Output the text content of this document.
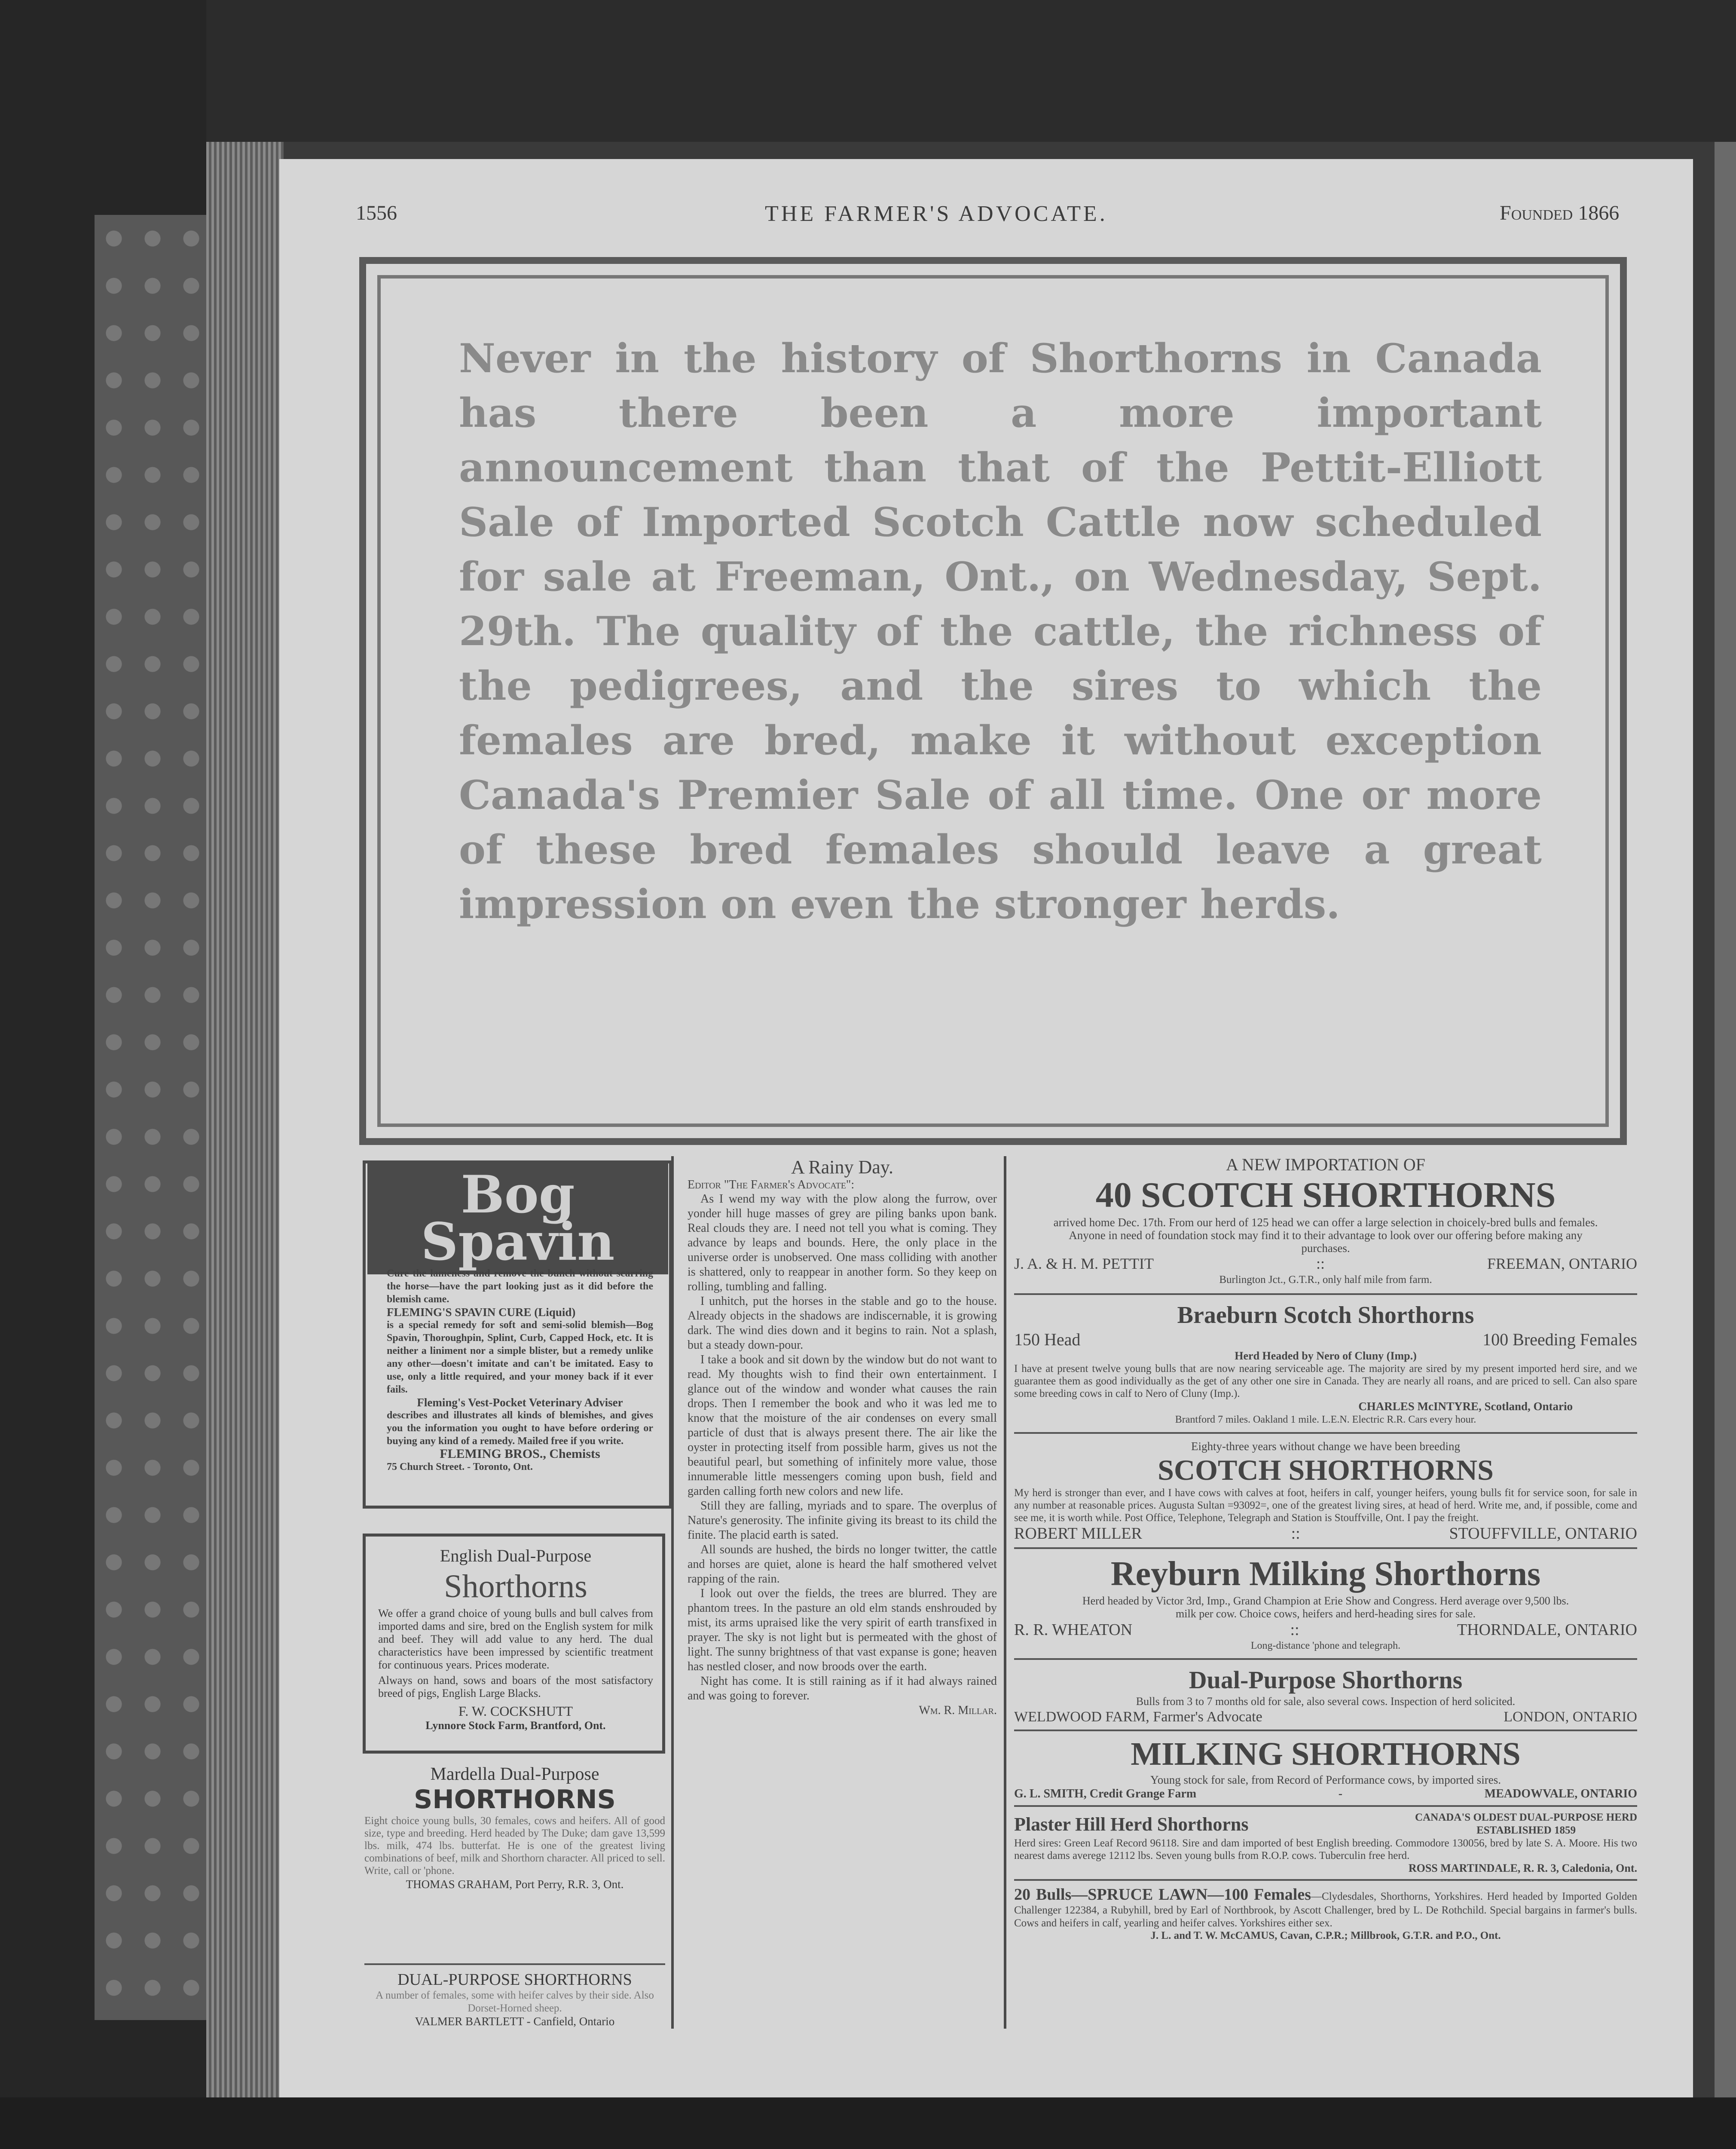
1556	THE FARMER'S ADVOCATE.	Founded 1866
Never in the history of Shorthorns in Canada has there been a more important announcement than that of the Pettit-Elliott Sale of Imported Scotch Cattle now scheduled for sale at Freeman, Ont., on Wednesday, Sept. 29th. The quality of the cattle, the richness of the pedigrees, and the sires to which the females are bred, make it without exception Canada's Premier Sale of all time. One or more of these bred females should leave a great impression on even the stronger herds.
Bog
Spavin
Cure the lameness and remove the bunch without scarring the horse—have the part looking just as it did before the blemish came.
FLEMING'S SPAVIN CURE (Liquid)
is a special remedy for soft and semi-solid blemish—Bog Spavin, Thoroughpin, Splint, Curb, Capped Hock, etc. It is neither a liniment nor a simple blister, but a remedy unlike any other—doesn't imitate and can't be imitated. Easy to use, only a little required, and your money back if it ever fails.
Fleming's Vest-Pocket Veterinary Adviser
describes and illustrates all kinds of blemishes, and gives you the information you ought to have before ordering or buying any kind of a remedy. Mailed free if you write.
FLEMING BROS., Chemists
75 Church Street. - Toronto, Ont.
English Dual-Purpose
Shorthorns
We offer a grand choice of young bulls and bull calves from imported dams and sire, bred on the English system for milk and beef. They will add value to any herd. The dual characteristics have been impressed by scientific treatment for continuous years. Prices moderate.
Always on hand, sows and boars of the most satisfactory breed of pigs, English Large Blacks.
F. W. COCKSHUTT
Lynnore Stock Farm, Brantford, Ont.
Mardella Dual-Purpose
SHORTHORNS
Eight choice young bulls, 30 females, cows and heifers. All of good size, type and breeding. Herd headed by The Duke; dam gave 13,599 lbs. milk, 474 lbs. butterfat. He is one of the greatest living combinations of beef, milk and Shorthorn character. All priced to sell. Write, call or 'phone.
THOMAS GRAHAM, Port Perry, R.R. 3, Ont.
DUAL-PURPOSE SHORTHORNS
A number of females, some with heifer calves by their side. Also Dorset-Horned sheep.
VALMER BARTLETT - Canfield, Ontario
A Rainy Day.
Editor "The Farmer's Advocate":
As I wend my way with the plow along the furrow, over yonder hill huge masses of grey are piling banks upon bank. Real clouds they are. I need not tell you what is coming. They advance by leaps and bounds. Here, the only place in the universe order is unobserved. One mass colliding with another is shattered, only to reappear in another form. So they keep on rolling, tumbling and falling.
I unhitch, put the horses in the stable and go to the house. Already objects in the shadows are indiscernable, it is growing dark. The wind dies down and it begins to rain. Not a splash, but a steady down-pour.
I take a book and sit down by the window but do not want to read. My thoughts wish to find their own entertainment. I glance out of the window and wonder what causes the rain drops. Then I remember the book and who it was led me to know that the moisture of the air condenses on every small particle of dust that is always present there. The air like the oyster in protecting itself from possible harm, gives us not the beautiful pearl, but something of infinitely more value, those innumerable little messengers coming upon bush, field and garden calling forth new colors and new life.
Still they are falling, myriads and to spare. The overplus of Nature's generosity. The infinite giving its breast to its child the finite. The placid earth is sated.
All sounds are hushed, the birds no longer twitter, the cattle and horses are quiet, alone is heard the half smothered velvet rapping of the rain.
I look out over the fields, the trees are blurred. They are phantom trees. In the pasture an old elm stands enshrouded by mist, its arms upraised like the very spirit of earth transfixed in prayer. The sky is not light but is permeated with the ghost of light. The sunny brightness of that vast expanse is gone; heaven has nestled closer, and now broods over the earth.
Night has come. It is still raining as if it had always rained and was going to forever.
Wm. R. Millar.
A NEW IMPORTATION OF
40 SCOTCH SHORTHORNS
arrived home Dec. 17th. From our herd of 125 head we can offer a large selection in choicely-bred bulls and females. Anyone in need of foundation stock may find it to their advantage to look over our offering before making any purchases.
J. A. & H. M. PETTIT	::	FREEMAN, ONTARIO
Burlington Jct., G.T.R., only half mile from farm.
Braeburn Scotch Shorthorns
150 Head	100 Breeding Females
Herd Headed by Nero of Cluny (Imp.)
I have at present twelve young bulls that are now nearing serviceable age. The majority are sired by my present imported herd sire, and we guarantee them as good individually as the get of any other one sire in Canada. They are nearly all roans, and are priced to sell. Can also spare some breeding cows in calf to Nero of Cluny (Imp.).
CHARLES McINTYRE, Scotland, Ontario
Brantford 7 miles. Oakland 1 mile. L.E.N. Electric R.R. Cars every hour.
Eighty-three years without change we have been breeding
SCOTCH SHORTHORNS
My herd is stronger than ever, and I have cows with calves at foot, heifers in calf, younger heifers, young bulls fit for service soon, for sale in any number at reasonable prices. Augusta Sultan =93092=, one of the greatest living sires, at head of herd. Write me, and, if possible, come and see me, it is worth while. Post Office, Telephone, Telegraph and Station is Stouffville, Ont. I pay the freight.
ROBERT MILLER	::	STOUFFVILLE, ONTARIO
Reyburn Milking Shorthorns
Herd headed by Victor 3rd, Imp., Grand Champion at Erie Show and Congress. Herd average over 9,500 lbs. milk per cow. Choice cows, heifers and herd-heading sires for sale.
R. R. WHEATON	::	THORNDALE, ONTARIO
Long-distance 'phone and telegraph.
Dual-Purpose Shorthorns
Bulls from 3 to 7 months old for sale, also several cows. Inspection of herd solicited.
WELDWOOD FARM, Farmer's Advocate	LONDON, ONTARIO
MILKING SHORTHORNS
Young stock for sale, from Record of Performance cows, by imported sires.
G. L. SMITH, Credit Grange Farm	-	MEADOWVALE, ONTARIO
Plaster Hill Herd Shorthorns	CANADA'S OLDEST DUAL-PURPOSE HERD
ESTABLISHED 1859
Herd sires: Green Leaf Record 96118. Sire and dam imported of best English breeding. Commodore 130056, bred by late S. A. Moore. His two nearest dams averege 12112 lbs. Seven young bulls from R.O.P. cows. Tuberculin free herd.
ROSS MARTINDALE, R. R. 3, Caledonia, Ont.
20 Bulls—SPRUCE LAWN—100 Females—Clydesdales, Shorthorns, Yorkshires. Herd headed by Imported Golden Challenger 122384, a Rubyhill, bred by Earl of Northbrook, by Ascott Challenger, bred by L. De Rothchild. Special bargains in farmer's bulls. Cows and heifers in calf, yearling and heifer calves. Yorkshires either sex.
J. L. and T. W. McCAMUS, Cavan, C.P.R.; Millbrook, G.T.R. and P.O., Ont.
